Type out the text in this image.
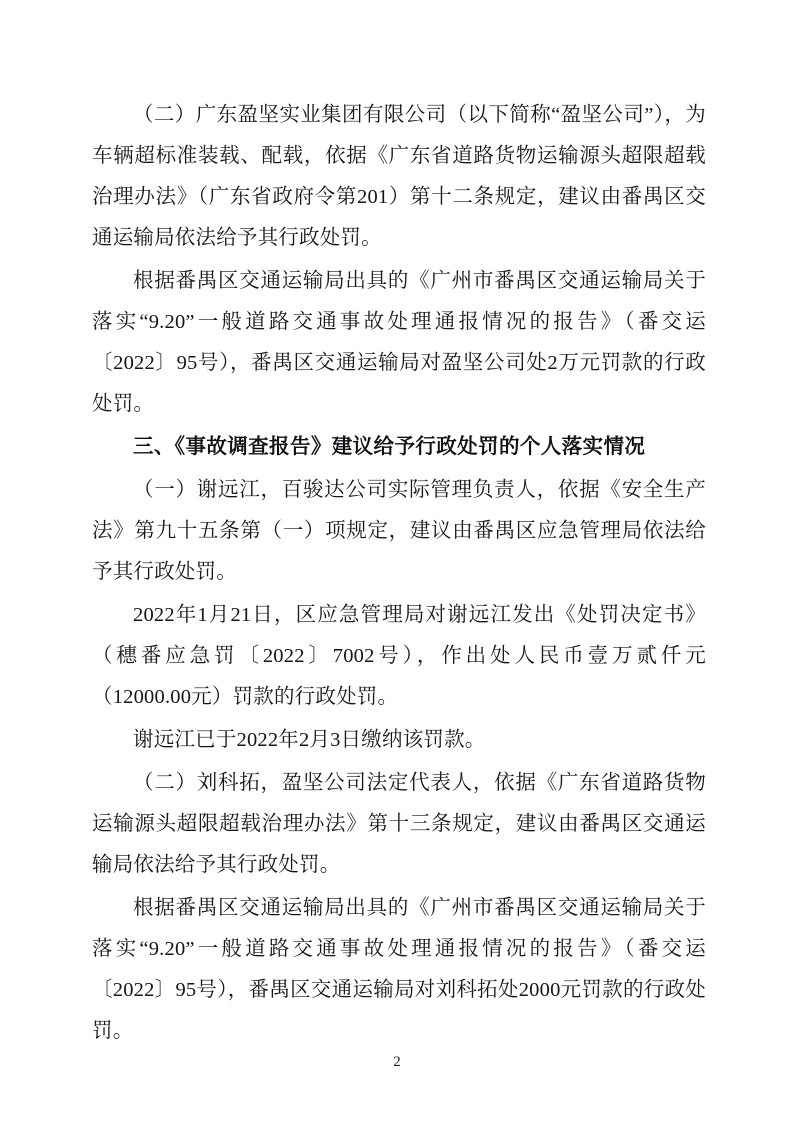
（二）广东盈坚实业集团有限公司（以下简称“盈坚公司”），为车辆超标准装载、配载，依据《广东省道路货物运输源头超限超载治理办法》（广东省政府令第201）第十二条规定，建议由番禺区交通运输局依法给予其行政处罚。

根据番禺区交通运输局出具的《广州市番禺区交通运输局关于落实“9.20”一般道路交通事故处理通报情况的报告》（番交运〔2022〕95号），番禺区交通运输局对盈坚公司处2万元罚款的行政处罚。

三、《事故调查报告》建议给予行政处罚的个人落实情况

（一）谢远江，百骏达公司实际管理负责人，依据《安全生产法》第九十五条第（一）项规定，建议由番禺区应急管理局依法给予其行政处罚。

2022年1月21日，区应急管理局对谢远江发出《处罚决定书》（穗番应急罚〔2022〕7002号），作出处人民币壹万贰仟元（12000.00元）罚款的行政处罚。

谢远江已于2022年2月3日缴纳该罚款。

（二）刘科拓，盈坚公司法定代表人，依据《广东省道路货物运输源头超限超载治理办法》第十三条规定，建议由番禺区交通运输局依法给予其行政处罚。

根据番禺区交通运输局出具的《广州市番禺区交通运输局关于落实“9.20”一般道路交通事故处理通报情况的报告》（番交运〔2022〕95号），番禺区交通运输局对刘科拓处2000元罚款的行政处罚。

2
